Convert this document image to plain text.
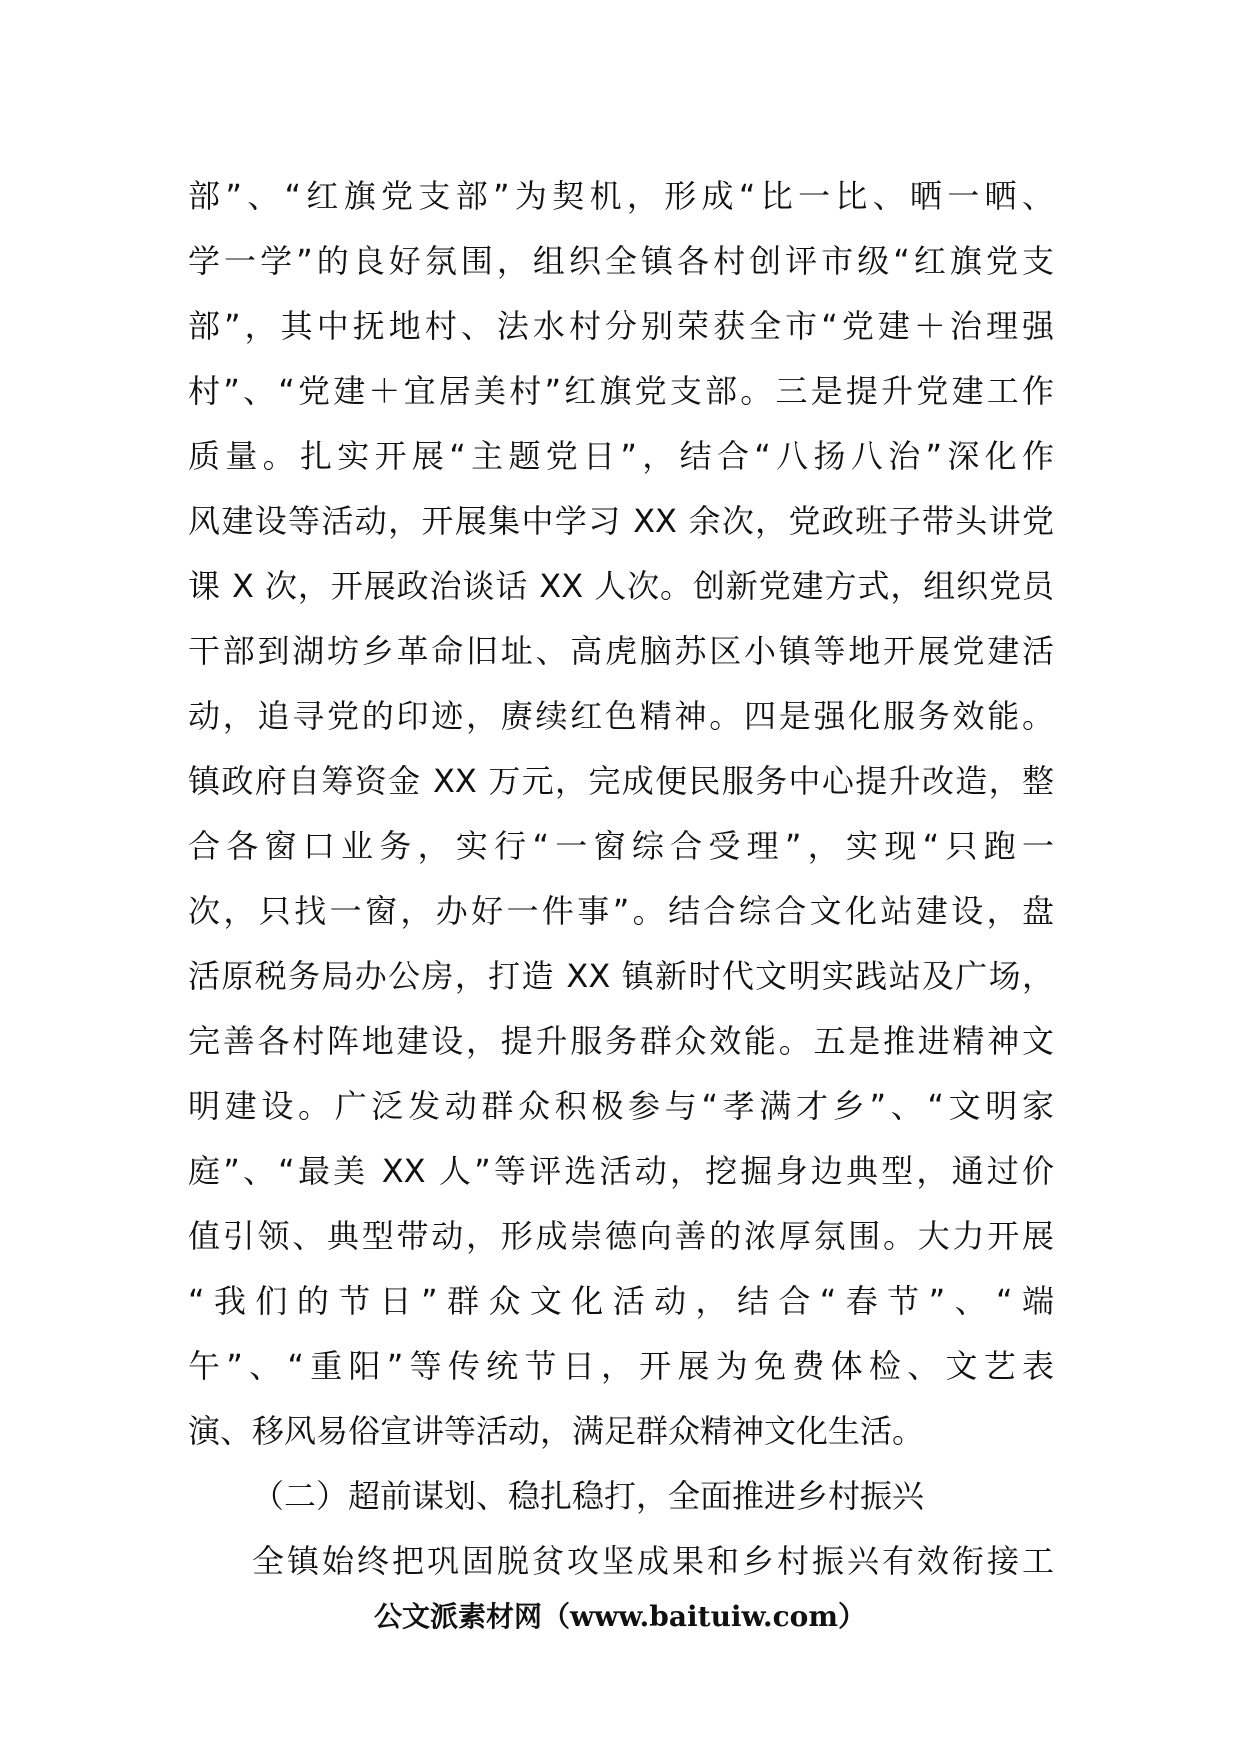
部”、“红旗党支部”为契机，形成“比一比、晒一晒、
学一学”的良好氛围，组织全镇各村创评市级“红旗党支
部”，其中抚地村、法水村分别荣获全市“党建＋治理强
村”、“党建＋宜居美村”红旗党支部。三是提升党建工作
质量。扎实开展“主题党日”，结合“八扬八治”深化作
风建设等活动，开展集中学习 XX 余次，党政班子带头讲党
课 X 次，开展政治谈话 XX 人次。创新党建方式，组织党员
干部到湖坊乡革命旧址、高虎脑苏区小镇等地开展党建活
动，追寻党的印迹，赓续红色精神。四是强化服务效能。
镇政府自筹资金 XX 万元，完成便民服务中心提升改造，整
合各窗口业务，实行“一窗综合受理”，实现“只跑一
次，只找一窗，办好一件事”。结合综合文化站建设，盘
活原税务局办公房，打造 XX 镇新时代文明实践站及广场，
完善各村阵地建设，提升服务群众效能。五是推进精神文
明建设。广泛发动群众积极参与“孝满才乡”、“文明家
庭”、“最美 XX 人”等评选活动，挖掘身边典型，通过价
值引领、典型带动，形成崇德向善的浓厚氛围。大力开展
“我们的节日”群众文化活动，结合“春节”、“端
午”、“重阳”等传统节日，开展为免费体检、文艺表
演、移风易俗宣讲等活动，满足群众精神文化生活。
（二）超前谋划、稳扎稳打，全面推进乡村振兴
全镇始终把巩固脱贫攻坚成果和乡村振兴有效衔接工
公文派素材网（www.baituiw.com）
